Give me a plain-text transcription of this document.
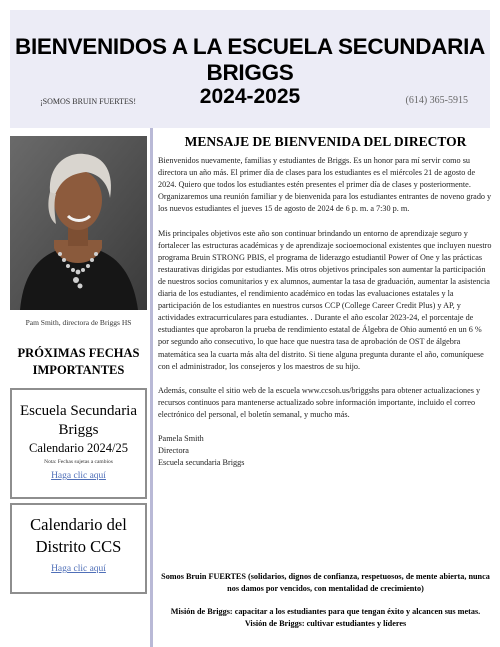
BIENVENIDOS A LA ESCUELA SECUNDARIA BRIGGS
¡SOMOS BRUIN FUERTES!	2024-2025	(614) 365-5915
Pam Smith, directora de Briggs HS
PRÓXIMAS FECHAS IMPORTANTES
Escuela Secundaria Briggs
Calendario 2024/25
Nota: Fechas sujetas a cambios
Haga clic aquí
Calendario del Distrito CCS
Haga clic aquí
MENSAJE DE BIENVENIDA DEL DIRECTOR

Bienvenidos nuevamente, familias y estudiantes de Briggs. Es un honor para mí servir como su directora un año más. El primer día de clases para los estudiantes es el miércoles 21 de agosto de 2024. Quiero que todos los estudiantes estén presentes el primer día de clases y posteriormente. Organizaremos una reunión familiar y de bienvenida para los estudiantes entrantes de noveno grado y los nuevos estudiantes el jueves 15 de agosto de 2024 de 6 p. m. a 7:30 p. m.

Mis principales objetivos este año son continuar brindando un entorno de aprendizaje seguro y fortalecer las estructuras académicas y de aprendizaje socioemocional existentes que incluyen nuestro programa Bruin STRONG PBIS, el programa de liderazgo estudiantil Power of One y las prácticas restaurativas dirigidas por estudiantes. Mis otros objetivos principales son aumentar la participación de nuestros socios comunitarios y ex alumnos, aumentar la tasa de graduación, aumentar la asistencia diaria de los estudiantes, el rendimiento académico en todas las evaluaciones estatales y la participación de los estudiantes en nuestros cursos CCP (College Career Credit Plus) y AP, y actividades extracurriculares para estudiantes. . Durante el año escolar 2023-24, el porcentaje de estudiantes que aprobaron la prueba de rendimiento estatal de Álgebra de Ohio aumentó en un 6 % por segundo año consecutivo, lo que hace que nuestra tasa de aprobación de OST de álgebra matemática sea la cuarta más alta del distrito. Si tiene alguna pregunta durante el año, comuníquese con el administrador, los consejeros y los maestros de su hijo.

Además, consulte el sitio web de la escuela www.ccsoh.us/briggshs para obtener actualizaciones y recursos continuos para mantenerse actualizado sobre información importante, incluido el correo electrónico del personal, el boletín semanal, y mucho más.

Pamela Smith
Directora
Escuela secundaria Briggs
Somos Bruin FUERTES (solidarios, dignos de confianza, respetuosos, de mente abierta, nunca nos damos por vencidos, con mentalidad de crecimiento)
Misión de Briggs: capacitar a los estudiantes para que tengan éxito y alcancen sus metas.
Visión de Briggs: cultivar estudiantes y líderes
